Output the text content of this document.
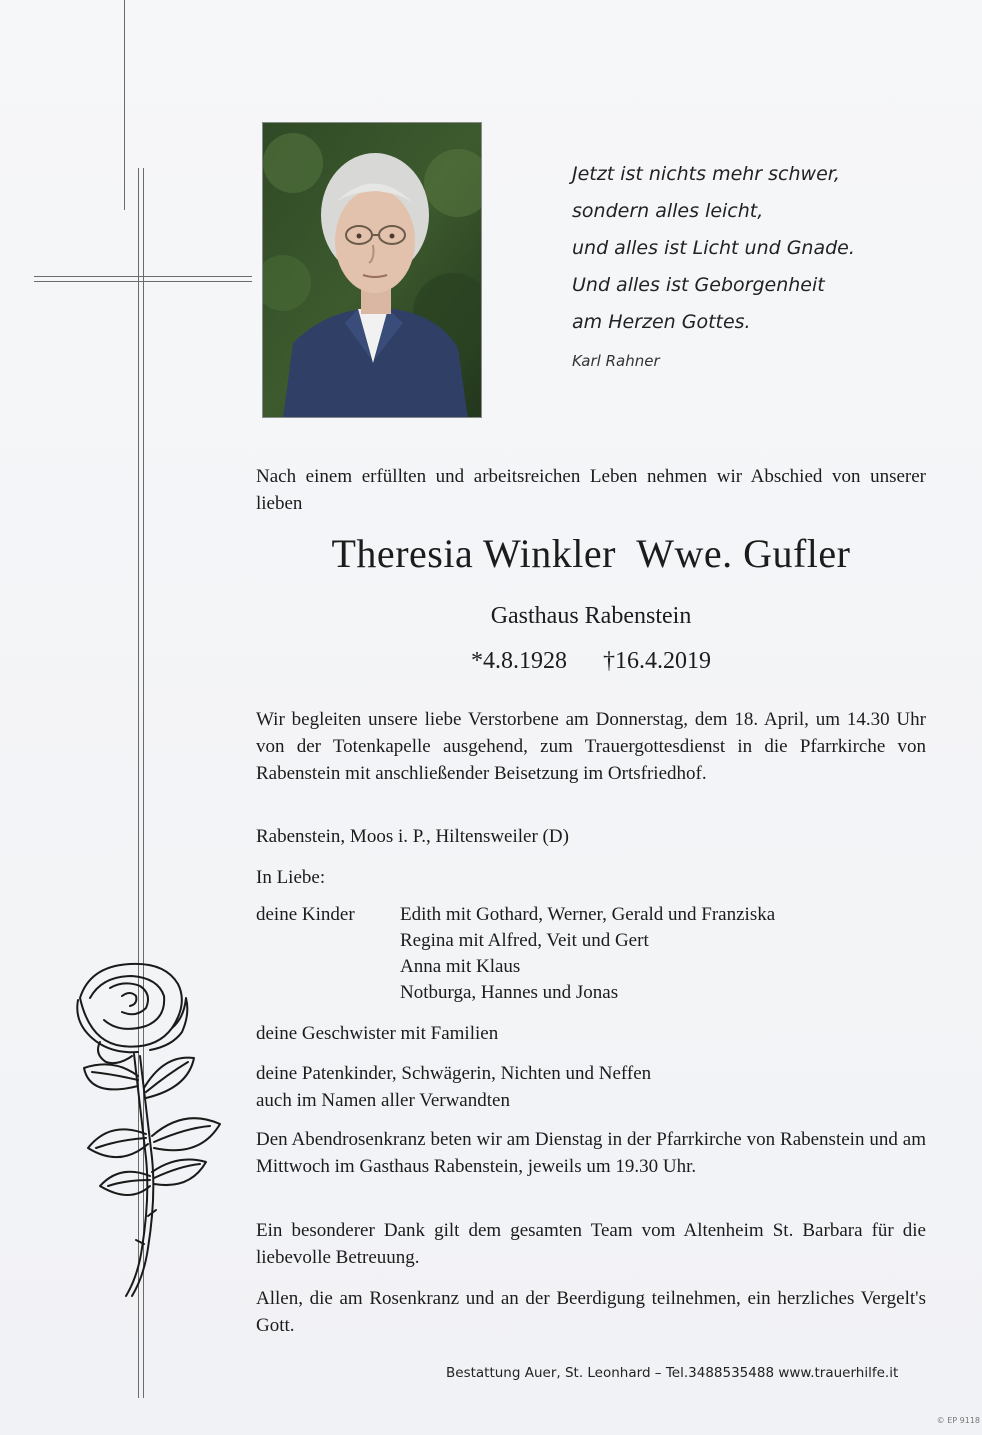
Jetzt ist nichts mehr schwer,
sondern alles leicht,
und alles ist Licht und Gnade.
Und alles ist Geborgenheit
am Herzen Gottes.
Karl Rahner
Nach einem erfüllten und arbeitsreichen Leben nehmen wir Abschied von unserer lieben
Theresia Winkler  Wwe. Gufler
Gasthaus Rabenstein
*4.8.1928 †16.4.2019
Wir begleiten unsere liebe Verstorbene am Donnerstag, dem 18. April, um 14.30 Uhr von der Totenkapelle ausgehend, zum Trauergottesdienst in die Pfarrkirche von Rabenstein mit anschließender Beisetzung im Ortsfriedhof.
Rabenstein, Moos i. P., Hiltensweiler (D)
In Liebe:
deine Kinder Edith mit Gothard, Werner, Gerald und Franziska
Regina mit Alfred, Veit und Gert
Anna mit Klaus
Notburga, Hannes und Jonas
deine Geschwister mit Familien
deine Patenkinder, Schwägerin, Nichten und Neffen
auch im Namen aller Verwandten
Den Abendrosenkranz beten wir am Dienstag in der Pfarrkirche von Rabenstein und am Mittwoch im Gasthaus Rabenstein, jeweils um 19.30 Uhr.
Ein besonderer Dank gilt dem gesamten Team vom Altenheim St. Barbara für die liebevolle Betreuung.
Allen, die am Rosenkranz und an der Beerdigung teilnehmen, ein herzliches Vergelt's Gott.
Bestattung Auer, St. Leonhard – Tel.3488535488 www.trauerhilfe.it
© EP 9118
